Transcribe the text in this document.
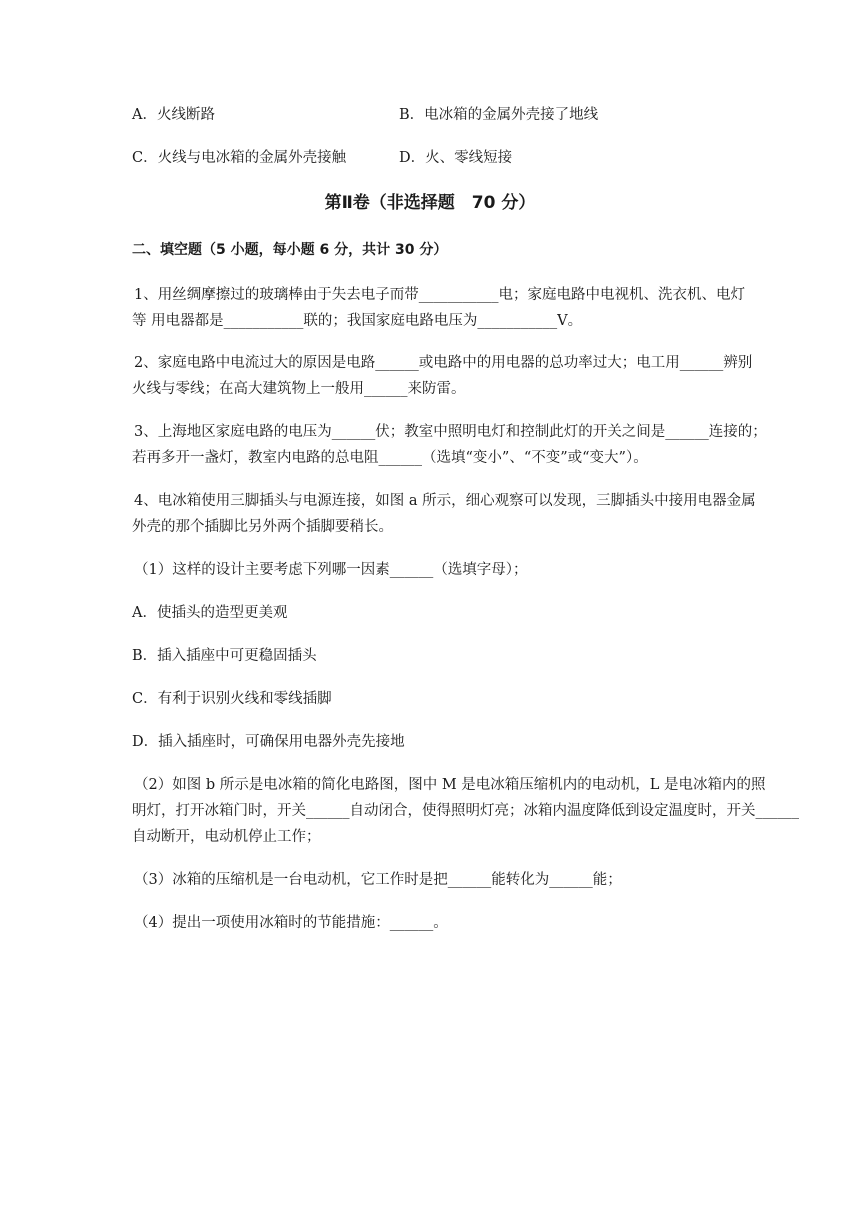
A．火线断路	B．电冰箱的金属外壳接了地线
C．火线与电冰箱的金属外壳接触	D．火、零线短接
第Ⅱ卷（非选择题　70 分）
二、填空题（5 小题，每小题 6 分，共计 30 分）
1、用丝绸摩擦过的玻璃棒由于失去电子而带___________电；家庭电路中电视机、洗衣机、电灯
等 用电器都是___________联的；我国家庭电路电压为___________V。
2、家庭电路中电流过大的原因是电路______或电路中的用电器的总功率过大；电工用______辨别
火线与零线；在高大建筑物上一般用______来防雷。
3、上海地区家庭电路的电压为______伏；教室中照明电灯和控制此灯的开关之间是______连接的；
若再多开一盏灯，教室内电路的总电阻______（选填“变小”、“不变”或“变大”）。
4、电冰箱使用三脚插头与电源连接，如图 a 所示，细心观察可以发现，三脚插头中接用电器金属
外壳的那个插脚比另外两个插脚要稍长。
（1）这样的设计主要考虑下列哪一因素______（选填字母）；
A．使插头的造型更美观
B．插入插座中可更稳固插头
C．有利于识别火线和零线插脚
D．插入插座时，可确保用电器外壳先接地
（2）如图 b 所示是电冰箱的简化电路图，图中 M 是电冰箱压缩机内的电动机，L 是电冰箱内的照
明灯，打开冰箱门时，开关______自动闭合，使得照明灯亮；冰箱内温度降低到设定温度时，开关______
自动断开，电动机停止工作；
（3）冰箱的压缩机是一台电动机，它工作时是把______能转化为______能；
（4）提出一项使用冰箱时的节能措施：______。
